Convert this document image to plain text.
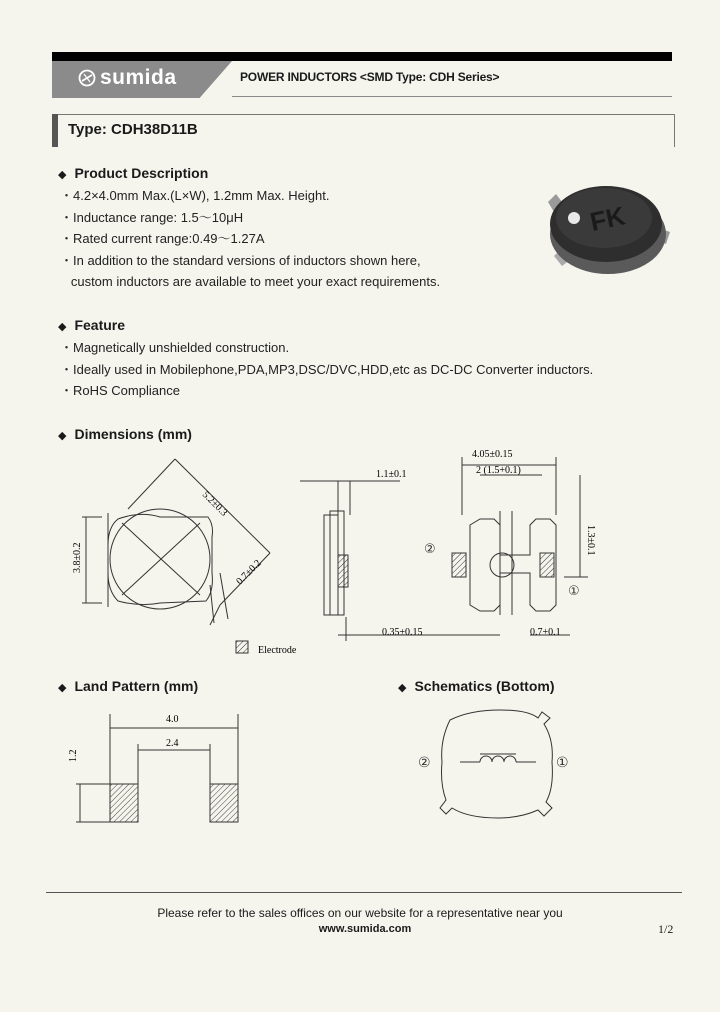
sumida	POWER INDUCTORS <SMD Type: CDH Series>
Type: CDH38D11B
◆ Product Description
・4.2×4.0mm Max.(L×W), 1.2mm Max. Height.
・Inductance range: 1.5〜10μH
・Rated current range:0.49〜1.27A
・In addition to the standard versions of inductors shown here,
custom inductors are available to meet your exact requirements.
FK
◆ Feature
・Magnetically unshielded construction.
・Ideally used in Mobilephone,PDA,MP3,DSC/DVC,HDD,etc as DC-DC Converter inductors.
・RoHS Compliance
◆ Dimensions (mm)
5.2±0.3
3.8±0.2	0.7±0.2
1.1±0.1
0.35±0.15
4.05±0.15
2 (1.5+0.1)
1.3±0.1
0.7+0.1
①
②
Electrode
◆ Land Pattern (mm)
4.0
2.4
1.2
◆ Schematics (Bottom)
②	①
Please refer to the sales offices on our website for a representative near you
www.sumida.com	1/2
